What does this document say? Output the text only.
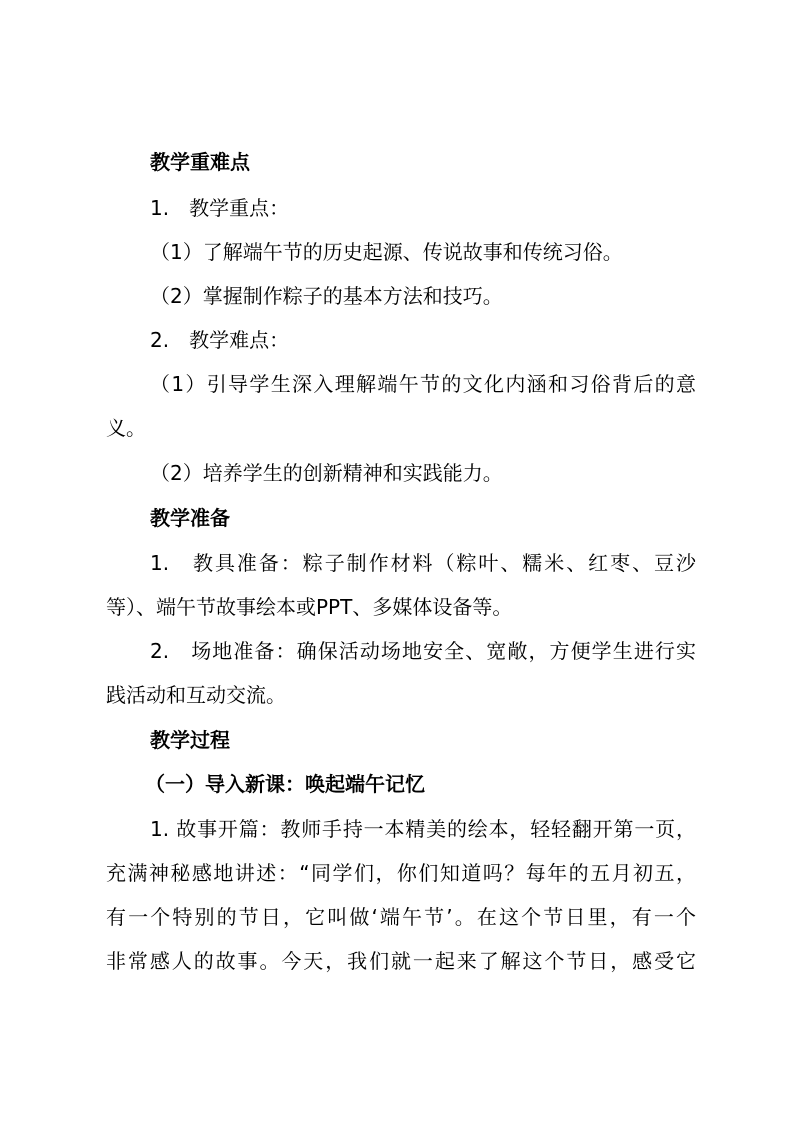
教学重难点
1.　教学重点：
（1）了解端午节的历史起源、传说故事和传统习俗。
（2）掌握制作粽子的基本方法和技巧。
2.　教学难点：
（1）引导学生深入理解端午节的文化内涵和习俗背后的意
义。
（2）培养学生的创新精神和实践能力。
教学准备
1.　教具准备：粽子制作材料（粽叶、糯米、红枣、豆沙
等）、端午节故事绘本或PPT、多媒体设备等。
2.　场地准备：确保活动场地安全、宽敞，方便学生进行实
践活动和互动交流。
教学过程
（一）导入新课：唤起端午记忆
1. 故事开篇：教师手持一本精美的绘本，轻轻翻开第一页，
充满神秘感地讲述：“同学们，你们知道吗？每年的五月初五，
有一个特别的节日，它叫做‘端午节’。在这个节日里，有一个
非常感人的故事。今天，我们就一起来了解这个节日，感受它
